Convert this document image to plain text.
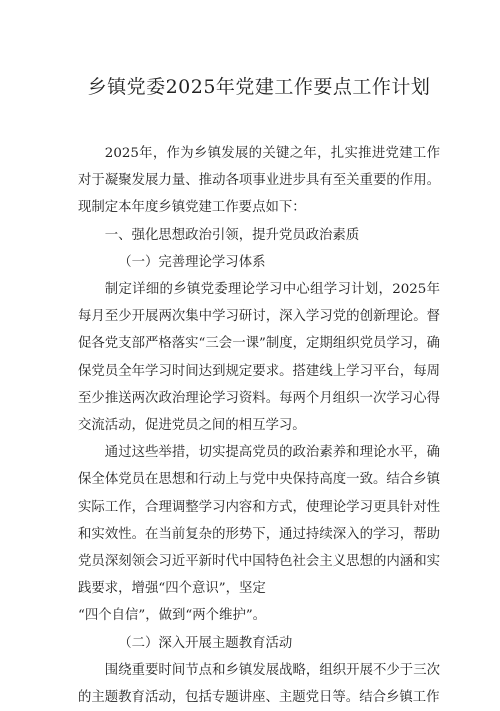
乡镇党委2025年党建工作要点工作计划

2025年，作为乡镇发展的关键之年，扎实推进党建工作对于凝聚发展力量、推动各项事业进步具有至关重要的作用。现制定本年度乡镇党建工作要点如下：

一、强化思想政治引领，提升党员政治素质

（一）完善理论学习体系

制定详细的乡镇党委理论学习中心组学习计划，2025年每月至少开展两次集中学习研讨，深入学习党的创新理论。督促各党支部严格落实“三会一课”制度，定期组织党员学习，确保党员全年学习时间达到规定要求。搭建线上学习平台，每周至少推送两次政治理论学习资料。每两个月组织一次学习心得交流活动，促进党员之间的相互学习。

通过这些举措，切实提高党员的政治素养和理论水平，确保全体党员在思想和行动上与党中央保持高度一致。结合乡镇实际工作，合理调整学习内容和方式，使理论学习更具针对性和实效性。在当前复杂的形势下，通过持续深入的学习，帮助党员深刻领会习近平新时代中国特色社会主义思想的内涵和实践要求，增强“四个意识”，坚定

“四个自信”，做到“两个维护”。

（二）深入开展主题教育活动

围绕重要时间节点和乡镇发展战略，组织开展不少于三次的主题教育活动，包括专题讲座、主题党日等。结合乡镇工作
